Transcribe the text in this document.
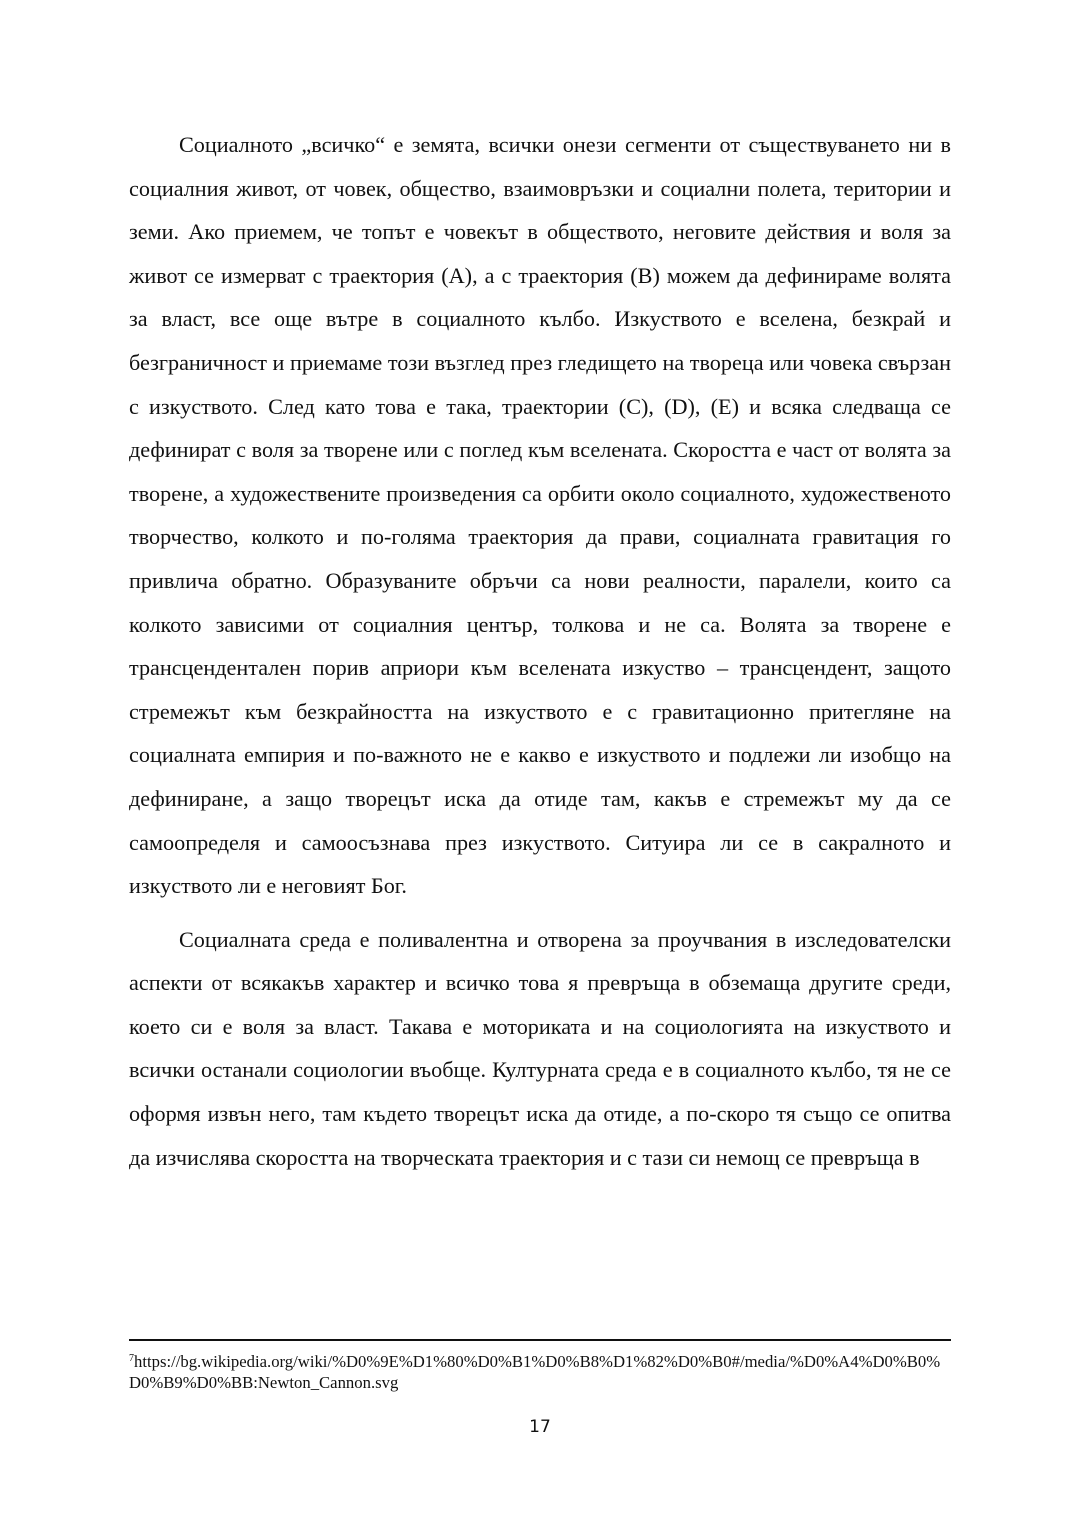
Социалното „всичко“ е земята, всички онези сегменти от съществуването ни в социалния живот, от човек, общество, взаимовръзки и социални полета, територии и земи. Ако приемем, че топът е човекът в обществото, неговите действия и воля за живот се измерват с траектория (А), а с траектория (В) можем да дефинираме волята за власт, все още вътре в социалното кълбо. Изкуството е вселена, безкрай и безграничност и приемаме този възглед през гледището на твореца или човека свързан с изкуството. След като това е така, траектории (С), (D), (Е) и всяка следваща се дефинират с воля за творене или с поглед към вселената. Скоростта е част от волята за творене, а художествените произведения са орбити около социалното, художественото творчество, колкото и по-голяма траектория да прави, социалната гравитация го привлича обратно. Образуваните обръчи са нови реалности, паралели, които са колкото зависими от социалния център, толкова и не са. Волята за творене е трансцендентален порив априори към вселената изкуство – трансцендент, защото стремежът към безкрайността на изкуството е с гравитационно притегляне на социалната емпирия и по-важното не е какво е изкуството и подлежи ли изобщо на дефиниране, а защо творецът иска да отиде там, какъв е стремежът му да се самоопределя и самоосъзнава през изкуството. Ситуира ли се в сакралното и изкуството ли е неговият Бог.

Социалната среда е поливалентна и отворена за проучвания в изследователски аспекти от всякакъв характер и всичко това я превръща в обземаща другите среди, което си е воля за власт. Такава е моториката и на социологията на изкуството и всички останали социологии въобще. Културната среда е в социалното кълбо, тя не се оформя извън него, там където творецът иска да отиде, а по-скоро тя също се опитва да изчислява скоростта на творческата траектория и с тази си немощ се превръща в

$^7$https://bg.wikipedia.org/wiki/%D0%9E%D1%80%D0%B1%D0%B8%D1%82%D0%B0#/media/%D0%A4%D0%B0%D0%B9%D0%BB:Newton_Cannon.svg

17
